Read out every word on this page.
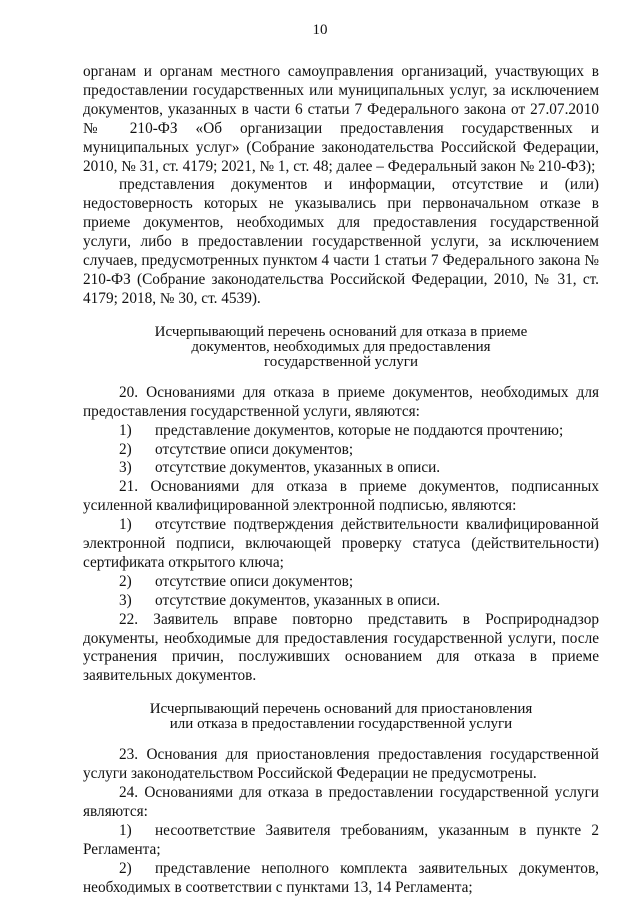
10

органам и органам местного самоуправления организаций, участвующих в предоставлении государственных или муниципальных услуг, за исключением документов, указанных в части 6 статьи 7 Федерального закона от 27.07.2010 № 210-ФЗ «Об организации предоставления государственных и муниципальных услуг» (Собрание законодательства Российской Федерации, 2010, № 31, ст. 4179; 2021, № 1, ст. 48; далее – Федеральный закон № 210-ФЗ);

представления документов и информации, отсутствие и (или) недостоверность которых не указывались при первоначальном отказе в приеме документов, необходимых для предоставления государственной услуги, либо в предоставлении государственной услуги, за исключением случаев, предусмотренных пунктом 4 части 1 статьи 7 Федерального закона № 210-ФЗ (Собрание законодательства Российской Федерации, 2010, № 31, ст. 4179; 2018, № 30, ст. 4539).

Исчерпывающий перечень оснований для отказа в приеме
документов, необходимых для предоставления
государственной услуги

20. Основаниями для отказа в приеме документов, необходимых для предоставления государственной услуги, являются:

1) представление документов, которые не поддаются прочтению;

2) отсутствие описи документов;

3) отсутствие документов, указанных в описи.

21. Основаниями для отказа в приеме документов, подписанных усиленной квалифицированной электронной подписью, являются:

1) отсутствие подтверждения действительности квалифицированной электронной подписи, включающей проверку статуса (действительности) сертификата открытого ключа;

2) отсутствие описи документов;

3) отсутствие документов, указанных в описи.

22. Заявитель вправе повторно представить в Росприроднадзор документы, необходимые для предоставления государственной услуги, после устранения причин, послуживших основанием для отказа в приеме заявительных документов.

Исчерпывающий перечень оснований для приостановления
или отказа в предоставлении государственной услуги

23. Основания для приостановления предоставления государственной услуги законодательством Российской Федерации не предусмотрены.

24. Основаниями для отказа в предоставлении государственной услуги являются:

1) несоответствие Заявителя требованиям, указанным в пункте 2 Регламента;

2) представление неполного комплекта заявительных документов, необходимых в соответствии с пунктами 13, 14 Регламента;
